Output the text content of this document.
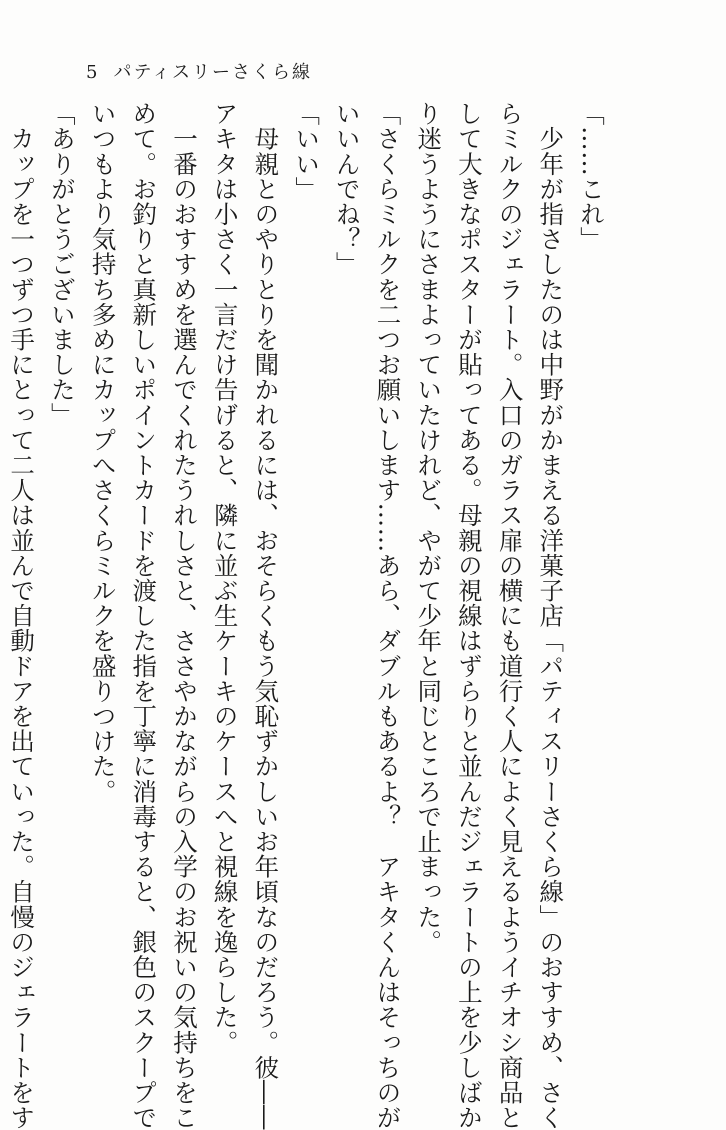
5 パティスリーさくら線

「……これ」

　少年が指さしたのは中野がかまえる洋菓子店「パティスリーさくら線」のおすすめ、さく

らミルクのジェラート。入口のガラス扉の横にも道行く人によく見えるようイチオシ商品と

して大きなポスターが貼ってある。母親の視線はずらりと並んだジェラートの上を少しばか

り迷うようにさまよっていたけれど、やがて少年と同じところで止まった。

「さくらミルクを二つお願いします……あら、ダブルもあるよ？　アキタくんはそっちのが

いいんでね？」

「いい」

　母親とのやりとりを聞かれるには、おそらくもう気恥ずかしいお年頃なのだろう。彼――

アキタは小さく一言だけ告げると、隣に並ぶ生ケーキのケースへと視線を逸らした。

　一番のおすすめを選んでくれたうれしさと、ささやかながらの入学のお祝いの気持ちをこ

めて。お釣りと真新しいポイントカードを渡した指を丁寧に消毒すると、銀色のスクープで

いつもより気持ち多めにカップへさくらミルクを盛りつけた。

「ありがとうございました」

　カップを一つずつ手にとって二人は並んで自動ドアを出ていった。自慢のジェラートをす
